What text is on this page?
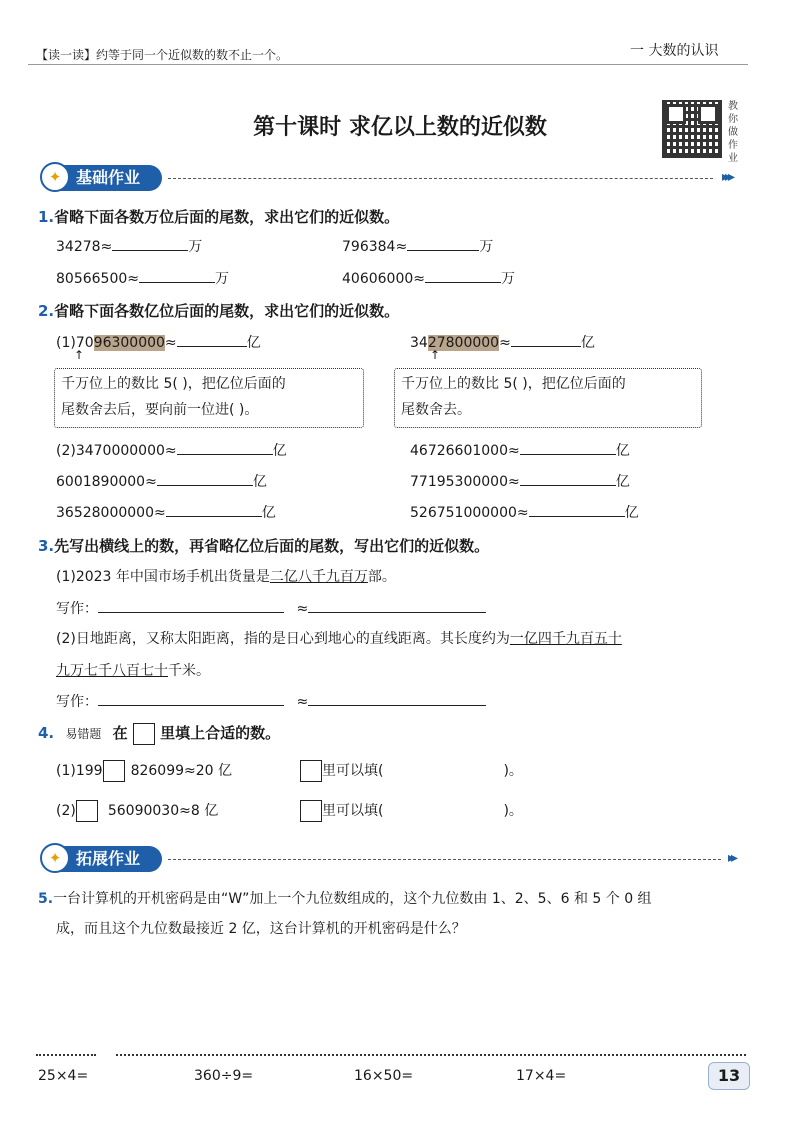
【读一读】约等于同一个近似数的数不止一个。	一 大数的认识
第十课时 求亿以上数的近似数
教你做作业
✦ 基础作业	▸▸▸
1.省略下面各数万位后面的尾数，求出它们的近似数。
34278≈	万	796384≈	万
80566500≈	万	40606000≈	万
2.省略下面各数亿位后面的尾数，求出它们的近似数。
(1)7096300000≈	亿	3427800000≈	亿
↑	↑
千万位上的数比 5( )，把亿位后面的
尾数舍去后，要向前一位进( )。
千万位上的数比 5( )，把亿位后面的
尾数舍去。
(2)3470000000≈	亿	46726601000≈	亿
6001890000≈	亿	77195300000≈	亿
36528000000≈	亿	526751000000≈	亿
3.先写出横线上的数，再省略亿位后面的尾数，写出它们的近似数。
(1)2023 年中国市场手机出货量是二亿八千九百万部。
写作：	≈
(2)日地距离，又称太阳距离，指的是日心到地心的直线距离。其长度约为一亿四千九百五十
九万七千八百七十千米。
写作：	≈
4. 易错题 在 里填上合适的数。
(1)199 826099≈20 亿	里可以填(	)。
(2) 56090030≈8 亿	里可以填(	)。
✦ 拓展作业	▸▸
5.一台计算机的开机密码是由“W”加上一个九位数组成的，这个九位数由 1、2、5、6 和 5 个 0 组
成，而且这个九位数最接近 2 亿，这台计算机的开机密码是什么？
25×4=	360÷9=	16×50=	17×4=	13
